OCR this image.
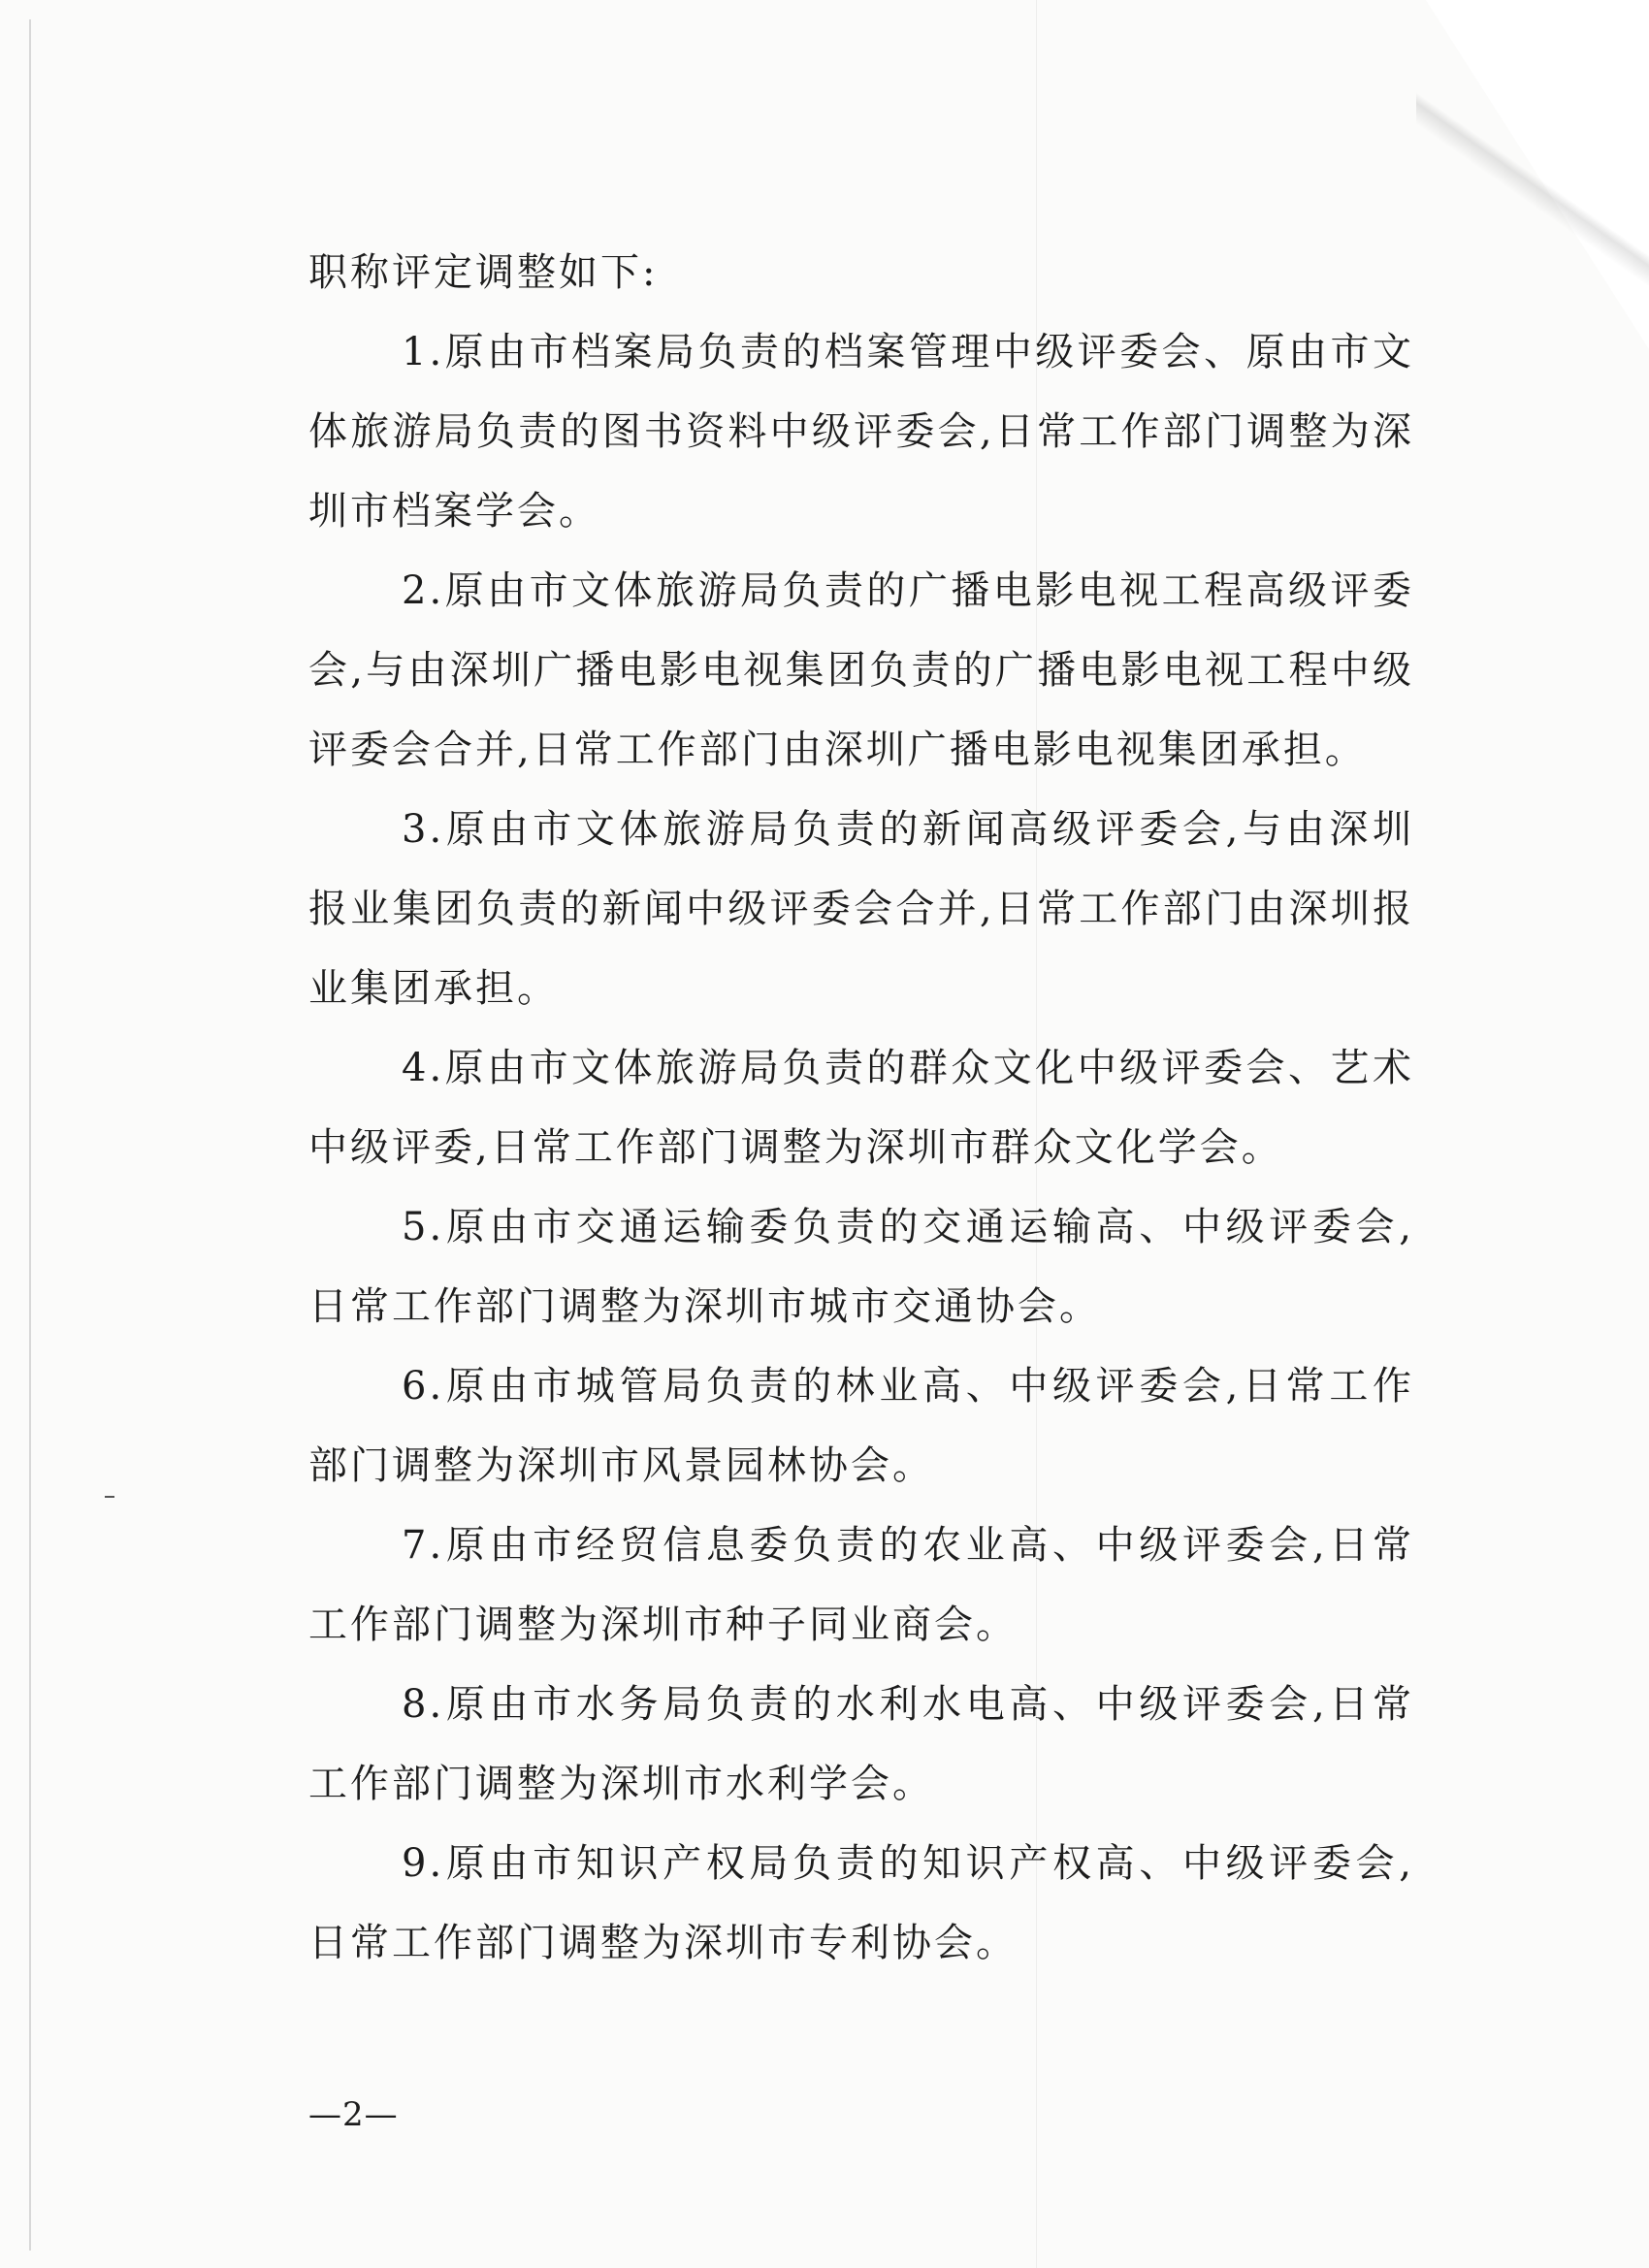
职称评定调整如下:

1.原由市档案局负责的档案管理中级评委会、原由市文体旅游局负责的图书资料中级评委会,日常工作部门调整为深圳市档案学会。

2.原由市文体旅游局负责的广播电影电视工程高级评委会,与由深圳广播电影电视集团负责的广播电影电视工程中级评委会合并,日常工作部门由深圳广播电影电视集团承担。

3.原由市文体旅游局负责的新闻高级评委会,与由深圳报业集团负责的新闻中级评委会合并,日常工作部门由深圳报业集团承担。

4.原由市文体旅游局负责的群众文化中级评委会、艺术中级评委,日常工作部门调整为深圳市群众文化学会。

5.原由市交通运输委负责的交通运输高、中级评委会,日常工作部门调整为深圳市城市交通协会。

6.原由市城管局负责的林业高、中级评委会,日常工作部门调整为深圳市风景园林协会。

7.原由市经贸信息委负责的农业高、中级评委会,日常工作部门调整为深圳市种子同业商会。

8.原由市水务局负责的水利水电高、中级评委会,日常工作部门调整为深圳市水利学会。

9.原由市知识产权局负责的知识产权高、中级评委会,日常工作部门调整为深圳市专利协会。

—2—
